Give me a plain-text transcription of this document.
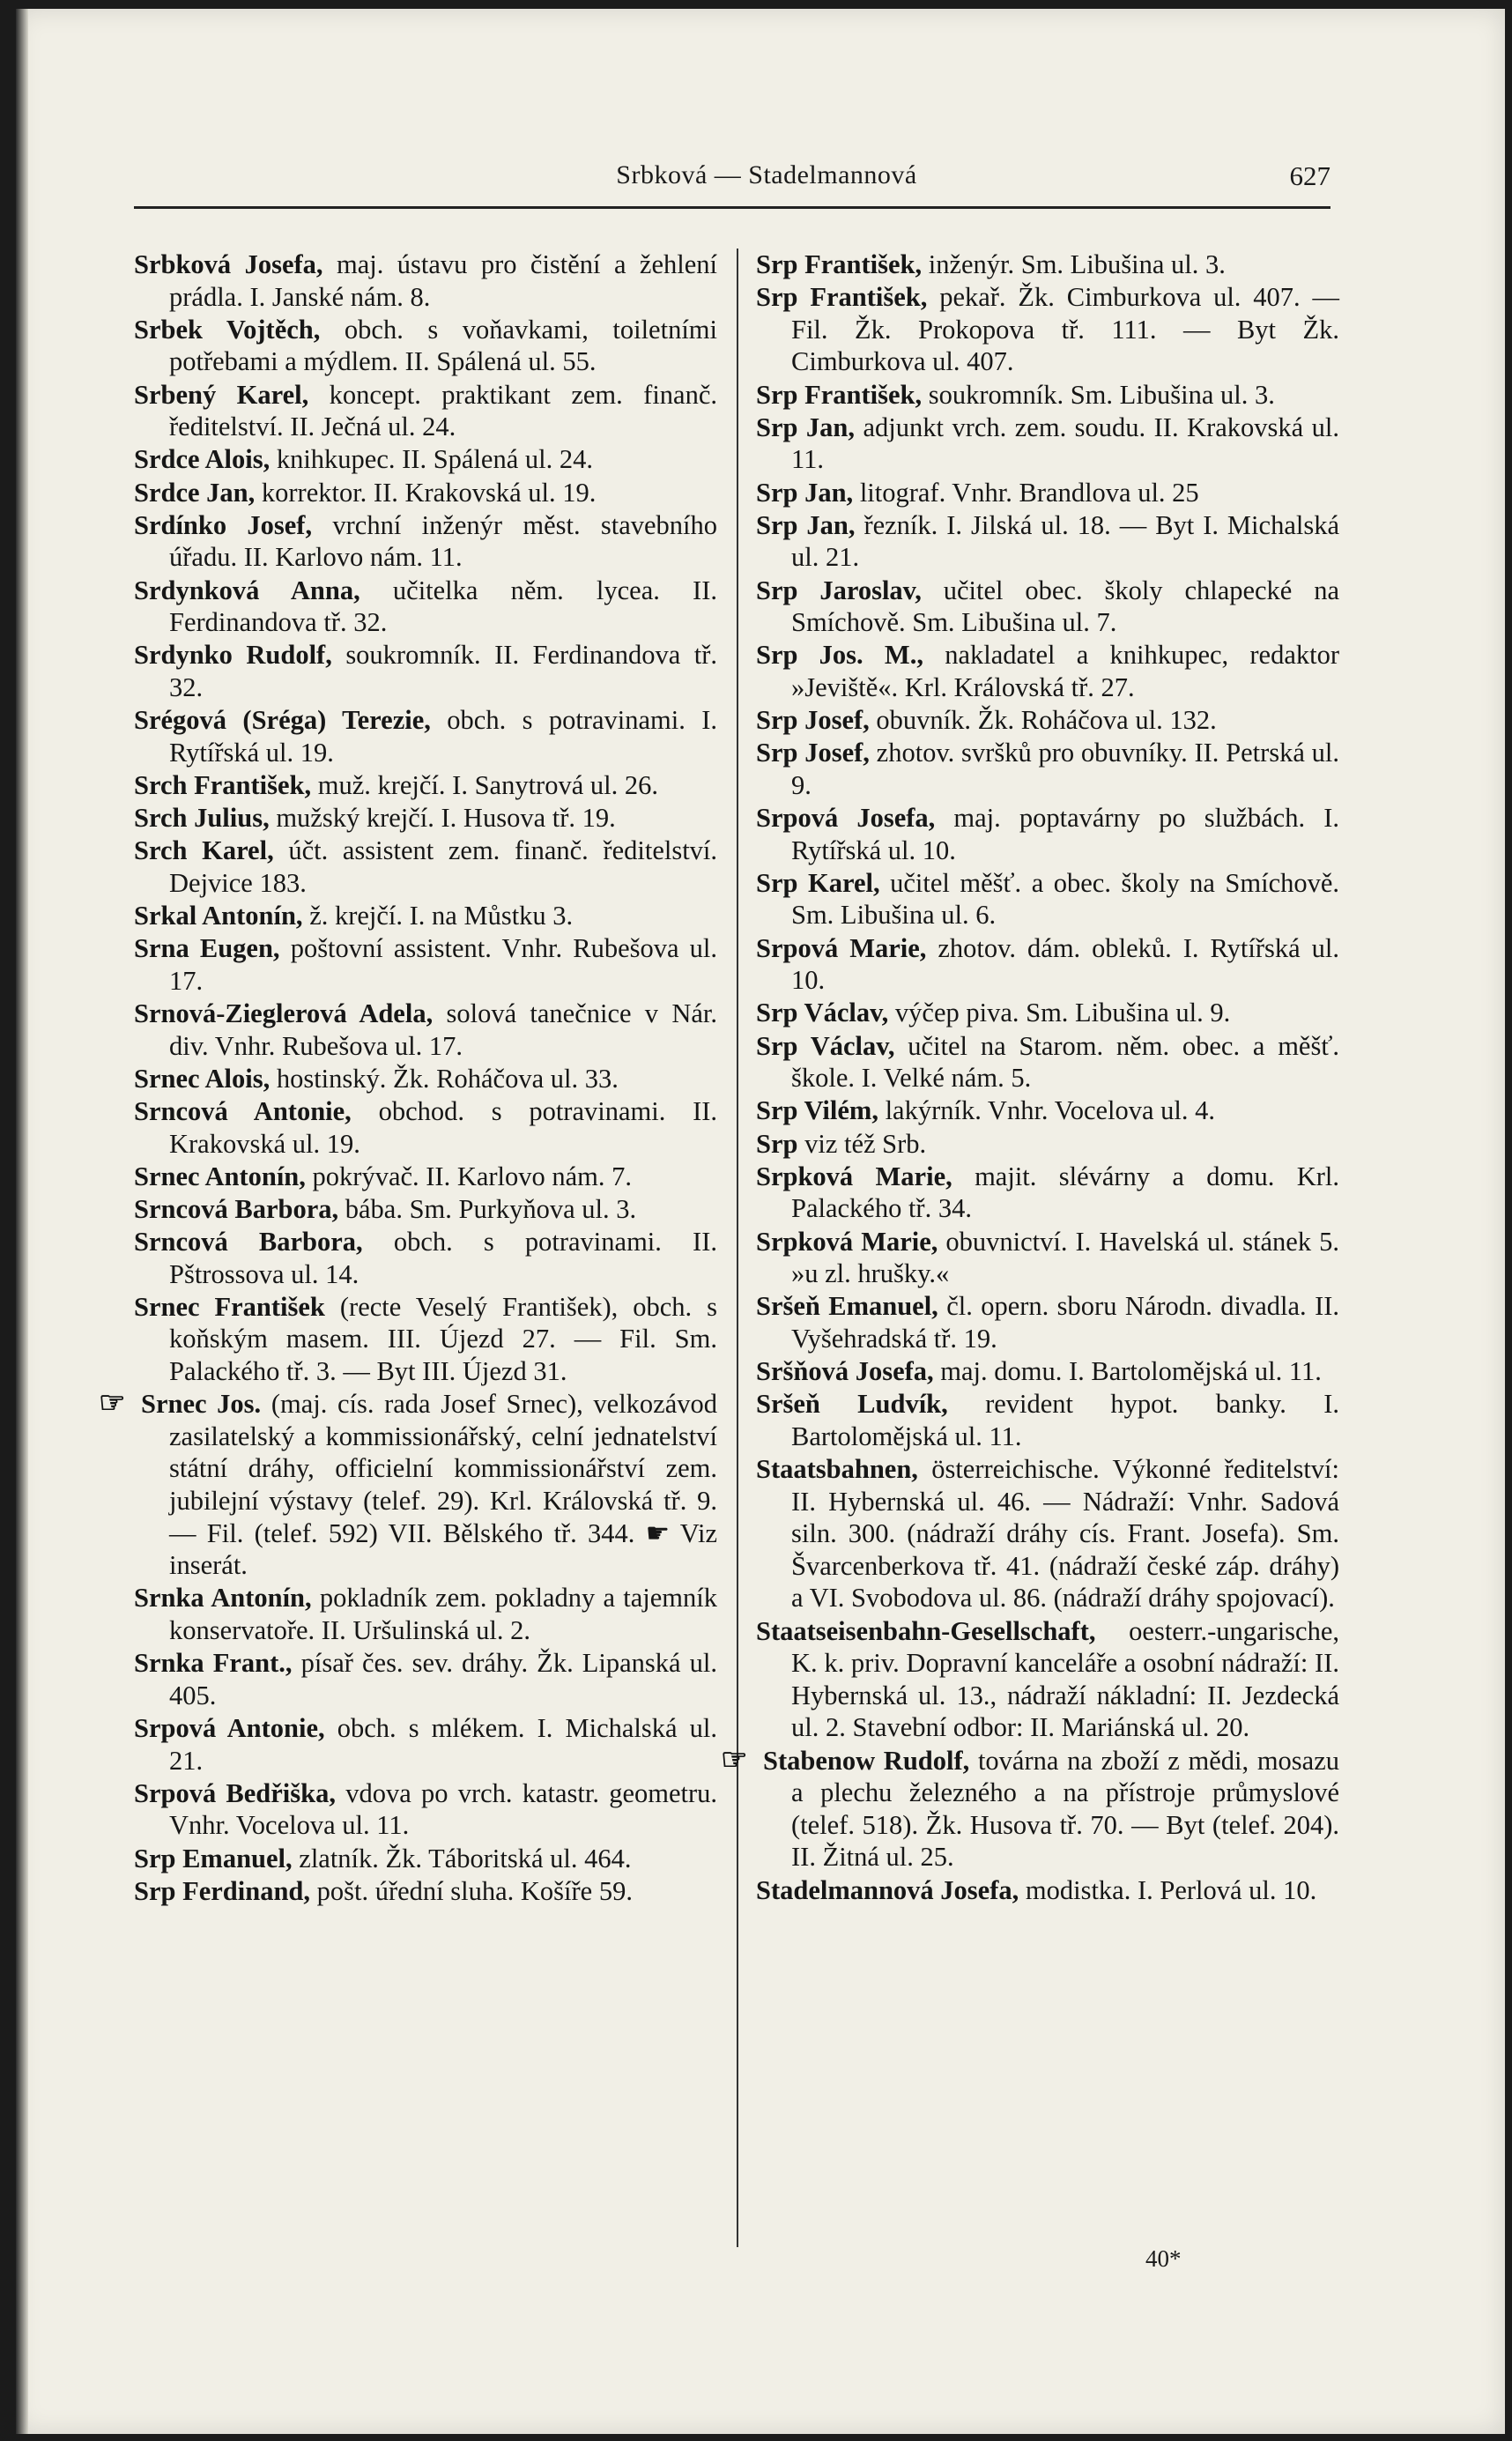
Srbková — Stadelmannová	627

Srbková Josefa, maj. ústavu pro čistění a žehlení prádla. I. Janské nám. 8.

Srbek Vojtěch, obch. s voňavkami, toiletními potřebami a mýdlem. II. Spálená ul. 55.

Srbený Karel, koncept. praktikant zem. finanč. ředitelství. II. Ječná ul. 24.

Srdce Alois, knihkupec. II. Spálená ul. 24.

Srdce Jan, korrektor. II. Krakovská ul. 19.

Srdínko Josef, vrchní inženýr měst. stavebního úřadu. II. Karlovo nám. 11.

Srdynková Anna, učitelka něm. lycea. II. Ferdinandova tř. 32.

Srdynko Rudolf, soukromník. II. Ferdinandova tř. 32.

Srégová (Sréga) Terezie, obch. s potravinami. I. Rytířská ul. 19.

Srch František, muž. krejčí. I. Sanytrová ul. 26.

Srch Julius, mužský krejčí. I. Husova tř. 19.

Srch Karel, účt. assistent zem. finanč. ředitelství. Dejvice 183.

Srkal Antonín, ž. krejčí. I. na Můstku 3.

Srna Eugen, poštovní assistent. Vnhr. Rubešova ul. 17.

Srnová-Zieglerová Adela, solová tanečnice v Nár. div. Vnhr. Rubešova ul. 17.

Srnec Alois, hostinský. Žk. Roháčova ul. 33.

Srncová Antonie, obchod. s potravinami. II. Krakovská ul. 19.

Srnec Antonín, pokrývač. II. Karlovo nám. 7.

Srncová Barbora, bába. Sm. Purkyňova ul. 3.

Srncová Barbora, obch. s potravinami. II. Pštrossova ul. 14.

Srnec František (recte Veselý František), obch. s koňským masem. III. Újezd 27. — Fil. Sm. Palackého tř. 3. — Byt III. Újezd 31.

Srnec Jos. (maj. cís. rada Josef Srnec), velkozávod zasilatelský a kommissionářský, celní jednatelství státní dráhy, officielní kommissionářství zem. jubilejní výstavy (telef. 29). Krl. Královská tř. 9. — Fil. (telef. 592) VII. Bělského tř. 344. ☛ Viz inserát.

Srnka Antonín, pokladník zem. pokladny a tajemník konservatoře. II. Uršulinská ul. 2.

Srnka Frant., písař čes. sev. dráhy. Žk. Lipanská ul. 405.

Srpová Antonie, obch. s mlékem. I. Michalská ul. 21.

Srpová Bedřiška, vdova po vrch. katastr. geometru. Vnhr. Vocelova ul. 11.

Srp Emanuel, zlatník. Žk. Táboritská ul. 464.

Srp Ferdinand, pošt. úřední sluha. Košíře 59.

Srp František, inženýr. Sm. Libušina ul. 3.

Srp František, pekař. Žk. Cimburkova ul. 407. — Fil. Žk. Prokopova tř. 111. — Byt Žk. Cimburkova ul. 407.

Srp František, soukromník. Sm. Libušina ul. 3.

Srp Jan, adjunkt vrch. zem. soudu. II. Krakovská ul. 11.

Srp Jan, litograf. Vnhr. Brandlova ul. 25

Srp Jan, řezník. I. Jilská ul. 18. — Byt I. Michalská ul. 21.

Srp Jaroslav, učitel obec. školy chlapecké na Smíchově. Sm. Libušina ul. 7.

Srp Jos. M., nakladatel a knihkupec, redaktor »Jeviště«. Krl. Královská tř. 27.

Srp Josef, obuvník. Žk. Roháčova ul. 132.

Srp Josef, zhotov. svršků pro obuvníky. II. Petrská ul. 9.

Srpová Josefa, maj. poptavárny po službách. I. Rytířská ul. 10.

Srp Karel, učitel měšť. a obec. školy na Smíchově. Sm. Libušina ul. 6.

Srpová Marie, zhotov. dám. obleků. I. Rytířská ul. 10.

Srp Václav, výčep piva. Sm. Libušina ul. 9.

Srp Václav, učitel na Starom. něm. obec. a měšť. škole. I. Velké nám. 5.

Srp Vilém, lakýrník. Vnhr. Vocelova ul. 4.

Srp viz též Srb.

Srpková Marie, majit. slévárny a domu. Krl. Palackého tř. 34.

Srpková Marie, obuvnictví. I. Havelská ul. stánek 5. »u zl. hrušky.«

Sršeň Emanuel, čl. opern. sboru Národn. divadla. II. Vyšehradská tř. 19.

Sršňová Josefa, maj. domu. I. Bartolomějská ul. 11.

Sršeň Ludvík, revident hypot. banky. I. Bartolomějská ul. 11.

Staatsbahnen, österreichische. Výkonné ředitelství: II. Hybernská ul. 46. — Nádraží: Vnhr. Sadová siln. 300. (nádraží dráhy cís. Frant. Josefa). Sm. Švarcenberkova tř. 41. (nádraží české záp. dráhy) a VI. Svobodova ul. 86. (nádraží dráhy spojovací).

Staatseisenbahn-Gesellschaft, oesterr.-ungarische, K. k. priv. Dopravní kanceláře a osobní nádraží: II. Hybernská ul. 13., nádraží nákladní: II. Jezdecká ul. 2. Stavební odbor: II. Mariánská ul. 20.

Stabenow Rudolf, továrna na zboží z mědi, mosazu a plechu železného a na přístroje průmyslové (telef. 518). Žk. Husova tř. 70. — Byt (telef. 204). II. Žitná ul. 25.

Stadelmannová Josefa, modistka. I. Perlová ul. 10.

40*
